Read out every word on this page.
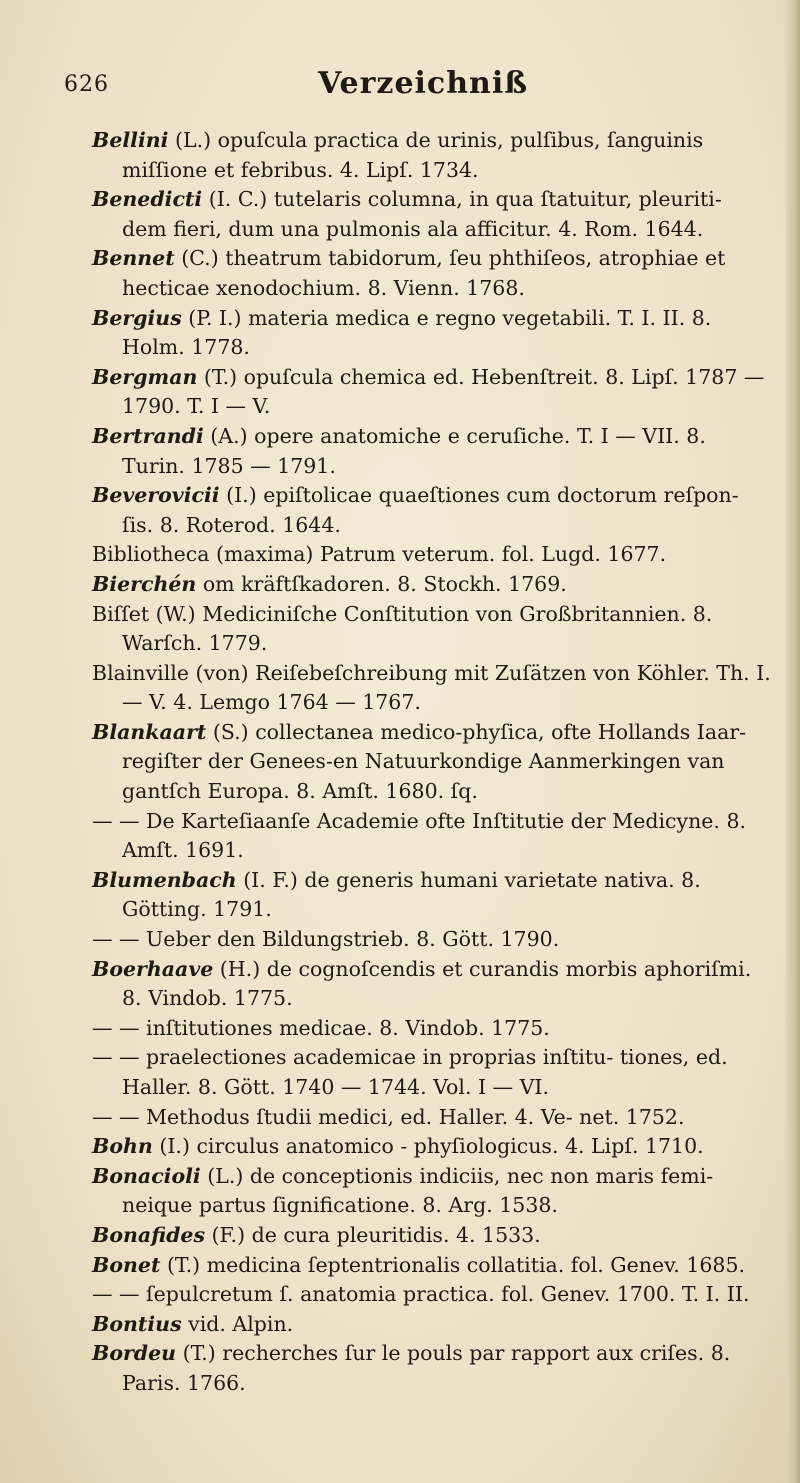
626	Verzeichniß

Bellini (L.) opuſcula practica de urinis, pulſibus, ſanguinis miſſione et febribus. 4. Lipſ. 1734.

Benedicti (I. C.) tutelaris columna, in qua ſtatuitur, pleuriti- dem fieri, dum una pulmonis ala afficitur. 4. Rom. 1644.

Bennet (C.) theatrum tabidorum, ſeu phthiſeos, atrophiae et hecticae xenodochium. 8. Vienn. 1768.

Bergius (P. I.) materia medica e regno vegetabili. T. I. II. 8. Holm. 1778.

Bergman (T.) opuſcula chemica ed. Hebenſtreit. 8. Lipſ. 1787 — 1790. T. I — V.

Bertrandi (A.) opere anatomiche e ceruſiche. T. I — VII. 8. Turin. 1785 — 1791.

Beverovicii (I.) epiſtolicae quaeſtiones cum doctorum reſpon- ſis. 8. Roterod. 1644.

Bibliotheca (maxima) Patrum veterum. fol. Lugd. 1677.

Bierchén om kräftſkadoren. 8. Stockh. 1769.

Biſſet (W.) Mediciniſche Conſtitution von Großbritannien. 8. Warſch. 1779.

Blainville (von) Reiſebeſchreibung mit Zuſätzen von Köhler. Th. I. — V. 4. Lemgo 1764 — 1767.

Blankaart (S.) collectanea medico-phyſica, ofte Hollands Iaar- regiſter der Genees-en Natuurkondige Aanmerkingen van gantſch Europa. 8. Amſt. 1680. ſq.

— — De Karteſiaanſe Academie ofte Inſtitutie der Medicyne. 8. Amſt. 1691.

Blumenbach (I. F.) de generis humani varietate nativa. 8. Götting. 1791.

— — Ueber den Bildungstrieb. 8. Gött. 1790.

Boerhaave (H.) de cognoſcendis et curandis morbis aphoriſmi. 8. Vindob. 1775.

— — inſtitutiones medicae. 8. Vindob. 1775.

— — praelectiones academicae in proprias inſtitu- tiones, ed. Haller. 8. Gött. 1740 — 1744. Vol. I — VI.

— — Methodus ſtudii medici, ed. Haller. 4. Ve- net. 1752.

Bohn (I.) circulus anatomico - phyſiologicus. 4. Lipſ. 1710.

Bonacioli (L.) de conceptionis indiciis, nec non maris femi- neique partus ſignificatione. 8. Arg. 1538.

Bonafides (F.) de cura pleuritidis. 4. 1533.

Bonet (T.) medicina ſeptentrionalis collatitia. fol. Genev. 1685.

— — ſepulcretum ſ. anatomia practica. fol. Genev. 1700. T. I. II.

Bontius vid. Alpin.

Bordeu (T.) recherches ſur le pouls par rapport aux criſes. 8. Paris. 1766.
